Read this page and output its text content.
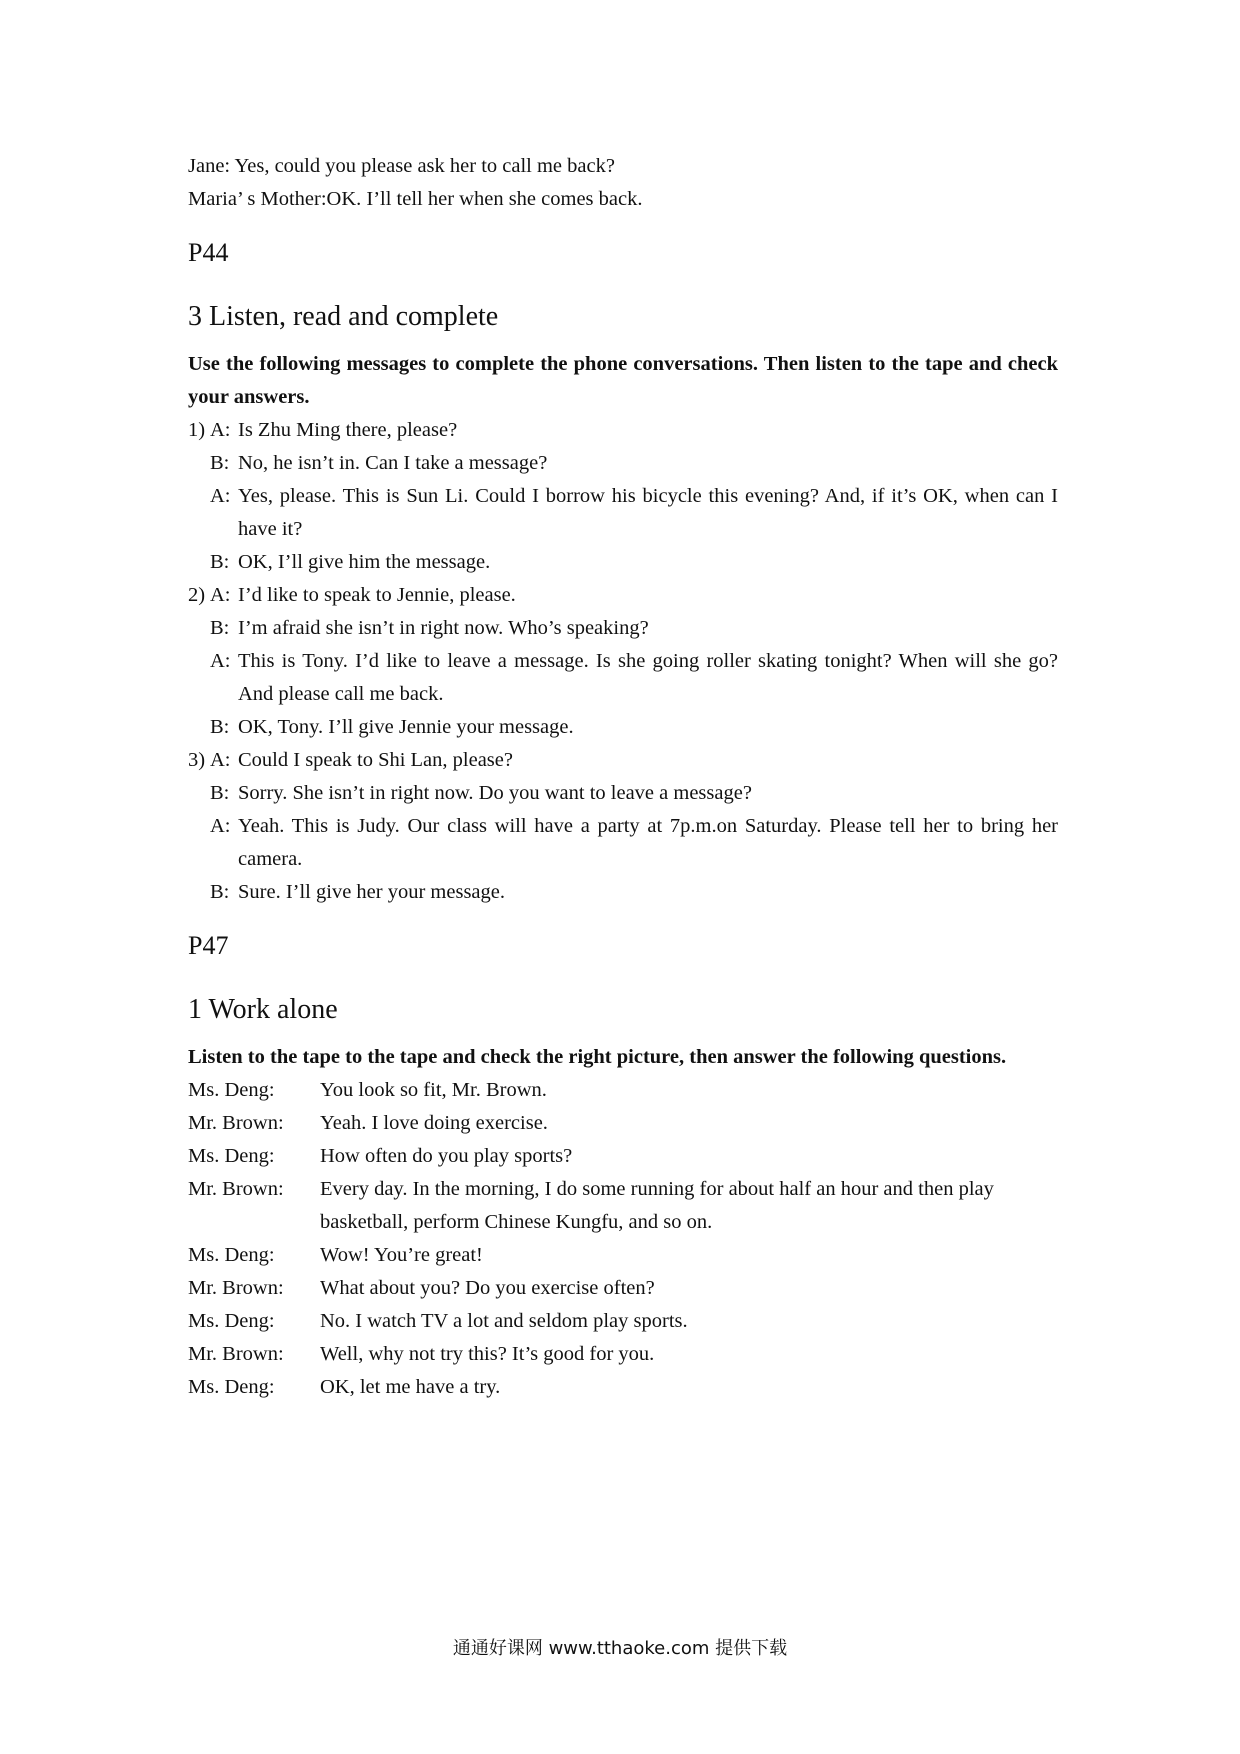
Jane: Yes, could you please ask her to call me back?
Maria’ s Mother:OK. I’ll tell her when she comes back.
P44
3 Listen, read and complete
Use the following messages to complete the phone conversations. Then listen to the tape and check your answers.
1) A: Is Zhu Ming there, please?
B: No, he isn’t in. Can I take a message?
A: Yes, please. This is Sun Li. Could I borrow his bicycle this evening? And, if it’s OK, when can I have it?
B: OK, I’ll give him the message.
2) A: I’d like to speak to Jennie, please.
B: I’m afraid she isn’t in right now. Who’s speaking?
A: This is Tony. I’d like to leave a message. Is she going roller skating tonight? When will she go? And please call me back.
B: OK, Tony. I’ll give Jennie your message.
3) A: Could I speak to Shi Lan, please?
B: Sorry. She isn’t in right now. Do you want to leave a message?
A: Yeah. This is Judy. Our class will have a party at 7p.m.on Saturday. Please tell her to bring her camera.
B: Sure. I’ll give her your message.
P47
1 Work alone
Listen to the tape to the tape and check the right picture, then answer the following questions.
Ms. Deng:	You look so fit, Mr. Brown.
Mr. Brown:	Yeah. I love doing exercise.
Ms. Deng:	How often do you play sports?
Mr. Brown:	Every day. In the morning, I do some running for about half an hour and then play basketball, perform Chinese Kungfu, and so on.
Ms. Deng:	Wow! You’re great!
Mr. Brown:	What about you? Do you exercise often?
Ms. Deng:	No. I watch TV a lot and seldom play sports.
Mr. Brown:	Well, why not try this? It’s good for you.
Ms. Deng:	OK, let me have a try.
通通好课网 www.tthaoke.com 提供下载
